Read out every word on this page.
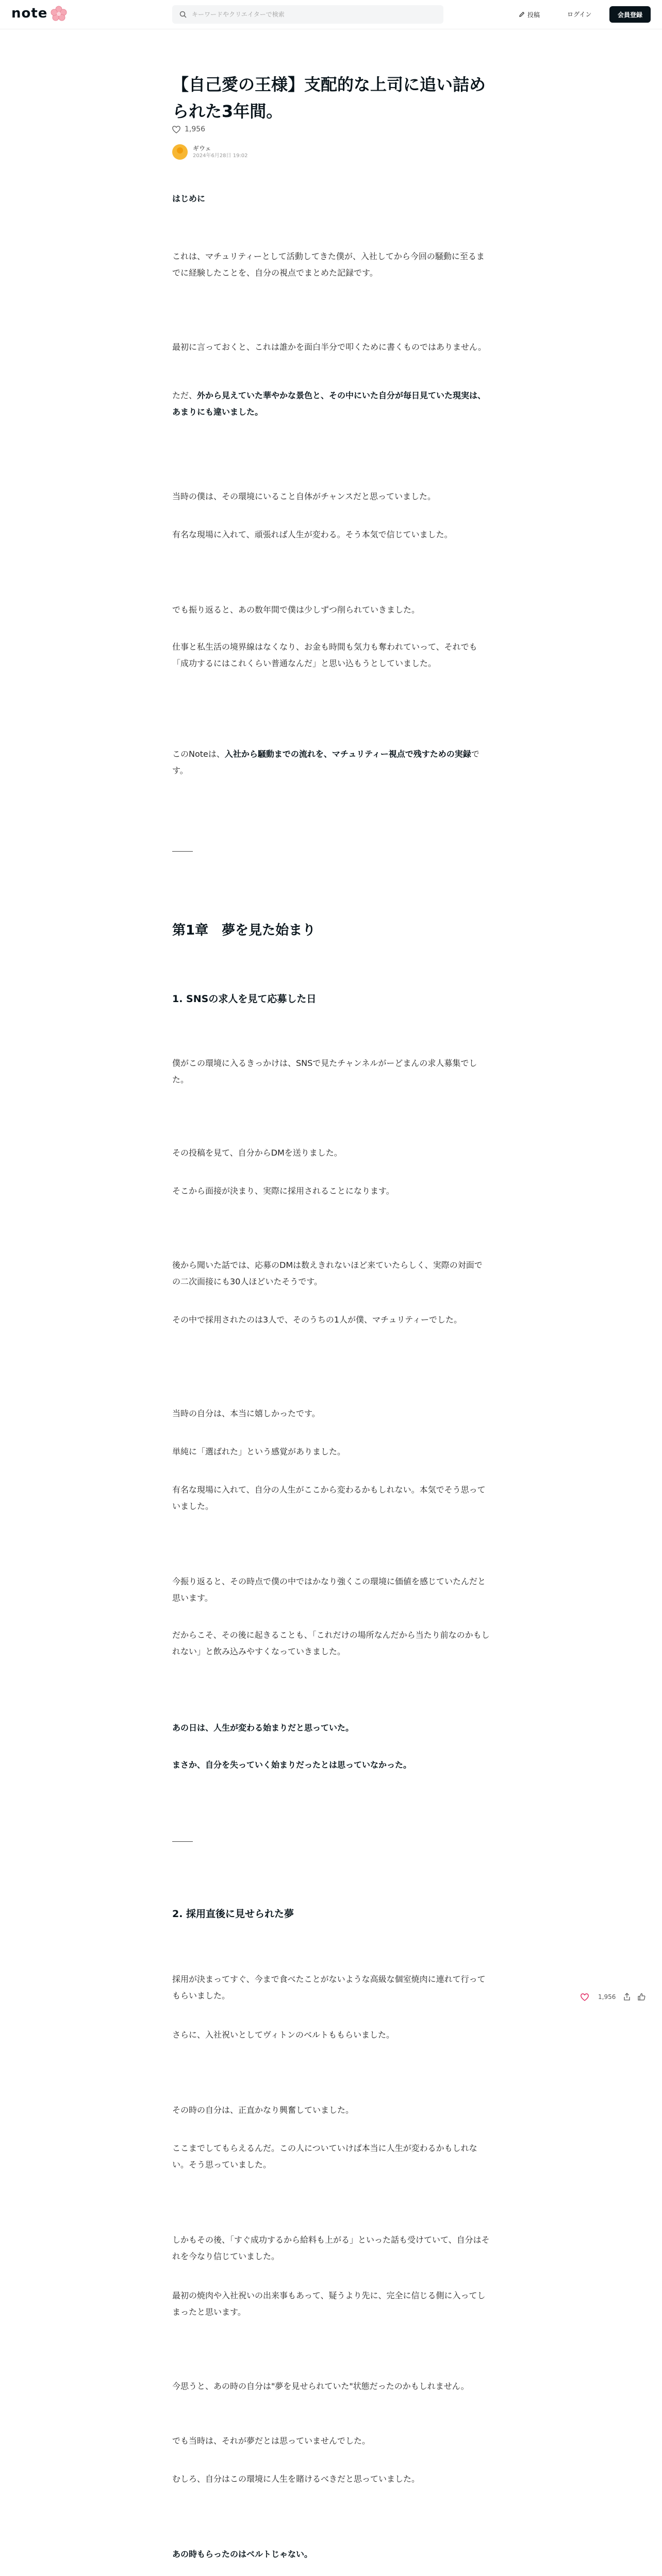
note
キーワードやクリエイターで検索	投稿	ログイン	会員登録
【自己愛の王様】支配的な上司に追い詰められた3年間。
1,956
ギウェ
2024年6月28日 19:02

はじめに

これは、マチュリティーとして活動してきた僕が、入社してから今回の騒動に至るまでに経験したことを、自分の視点でまとめた記録です。

最初に言っておくと、これは誰かを面白半分で叩くために書くものではありません。

ただ、外から見えていた華やかな景色と、その中にいた自分が毎日見ていた現実は、あまりにも違いました。

当時の僕は、その環境にいること自体がチャンスだと思っていました。

有名な現場に入れて、頑張れば人生が変わる。そう本気で信じていました。

でも振り返ると、あの数年間で僕は少しずつ削られていきました。

仕事と私生活の境界線はなくなり、お金も時間も気力も奪われていって、それでも「成功するにはこれくらい普通なんだ」と思い込もうとしていました。

このNoteは、入社から騒動までの流れを、マチュリティー視点で残すための実録です。

第1章　夢を見た始まり
1. SNSの求人を見て応募した日

僕がこの環境に入るきっかけは、SNSで見たチャンネルがーどまんの求人募集でした。

その投稿を見て、自分からDMを送りました。

そこから面接が決まり、実際に採用されることになります。

後から聞いた話では、応募のDMは数えきれないほど来ていたらしく、実際の対面での二次面接にも30人ほどいたそうです。

その中で採用されたのは3人で、そのうちの1人が僕、マチュリティーでした。

当時の自分は、本当に嬉しかったです。

単純に「選ばれた」という感覚がありました。

有名な現場に入れて、自分の人生がここから変わるかもしれない。本気でそう思っていました。

今振り返ると、その時点で僕の中ではかなり強くこの環境に価値を感じていたんだと思います。

だからこそ、その後に起きることも、「これだけの場所なんだから当たり前なのかもしれない」と飲み込みやすくなっていきました。

あの日は、人生が変わる始まりだと思っていた。

まさか、自分を失っていく始まりだったとは思っていなかった。

2. 採用直後に見せられた夢

採用が決まってすぐ、今まで食べたことがないような高級な個室焼肉に連れて行ってもらいました。

さらに、入社祝いとしてヴィトンのベルトももらいました。

その時の自分は、正直かなり興奮していました。

ここまでしてもらえるんだ。この人についていけば本当に人生が変わるかもしれない。そう思っていました。

しかもその後、「すぐ成功するから給料も上がる」といった話も受けていて、自分はそれを今なり信じていました。

最初の焼肉や入社祝いの出来事もあって、疑うより先に、完全に信じる側に入ってしまったと思います。

今思うと、あの時の自分は"夢を見せられていた"状態だったのかもしれません。

でも当時は、それが夢だとは思っていませんでした。

むしろ、自分はこの環境に人生を賭けるべきだと思っていました。

あの時もらったのはベルトじゃない。

1,956
